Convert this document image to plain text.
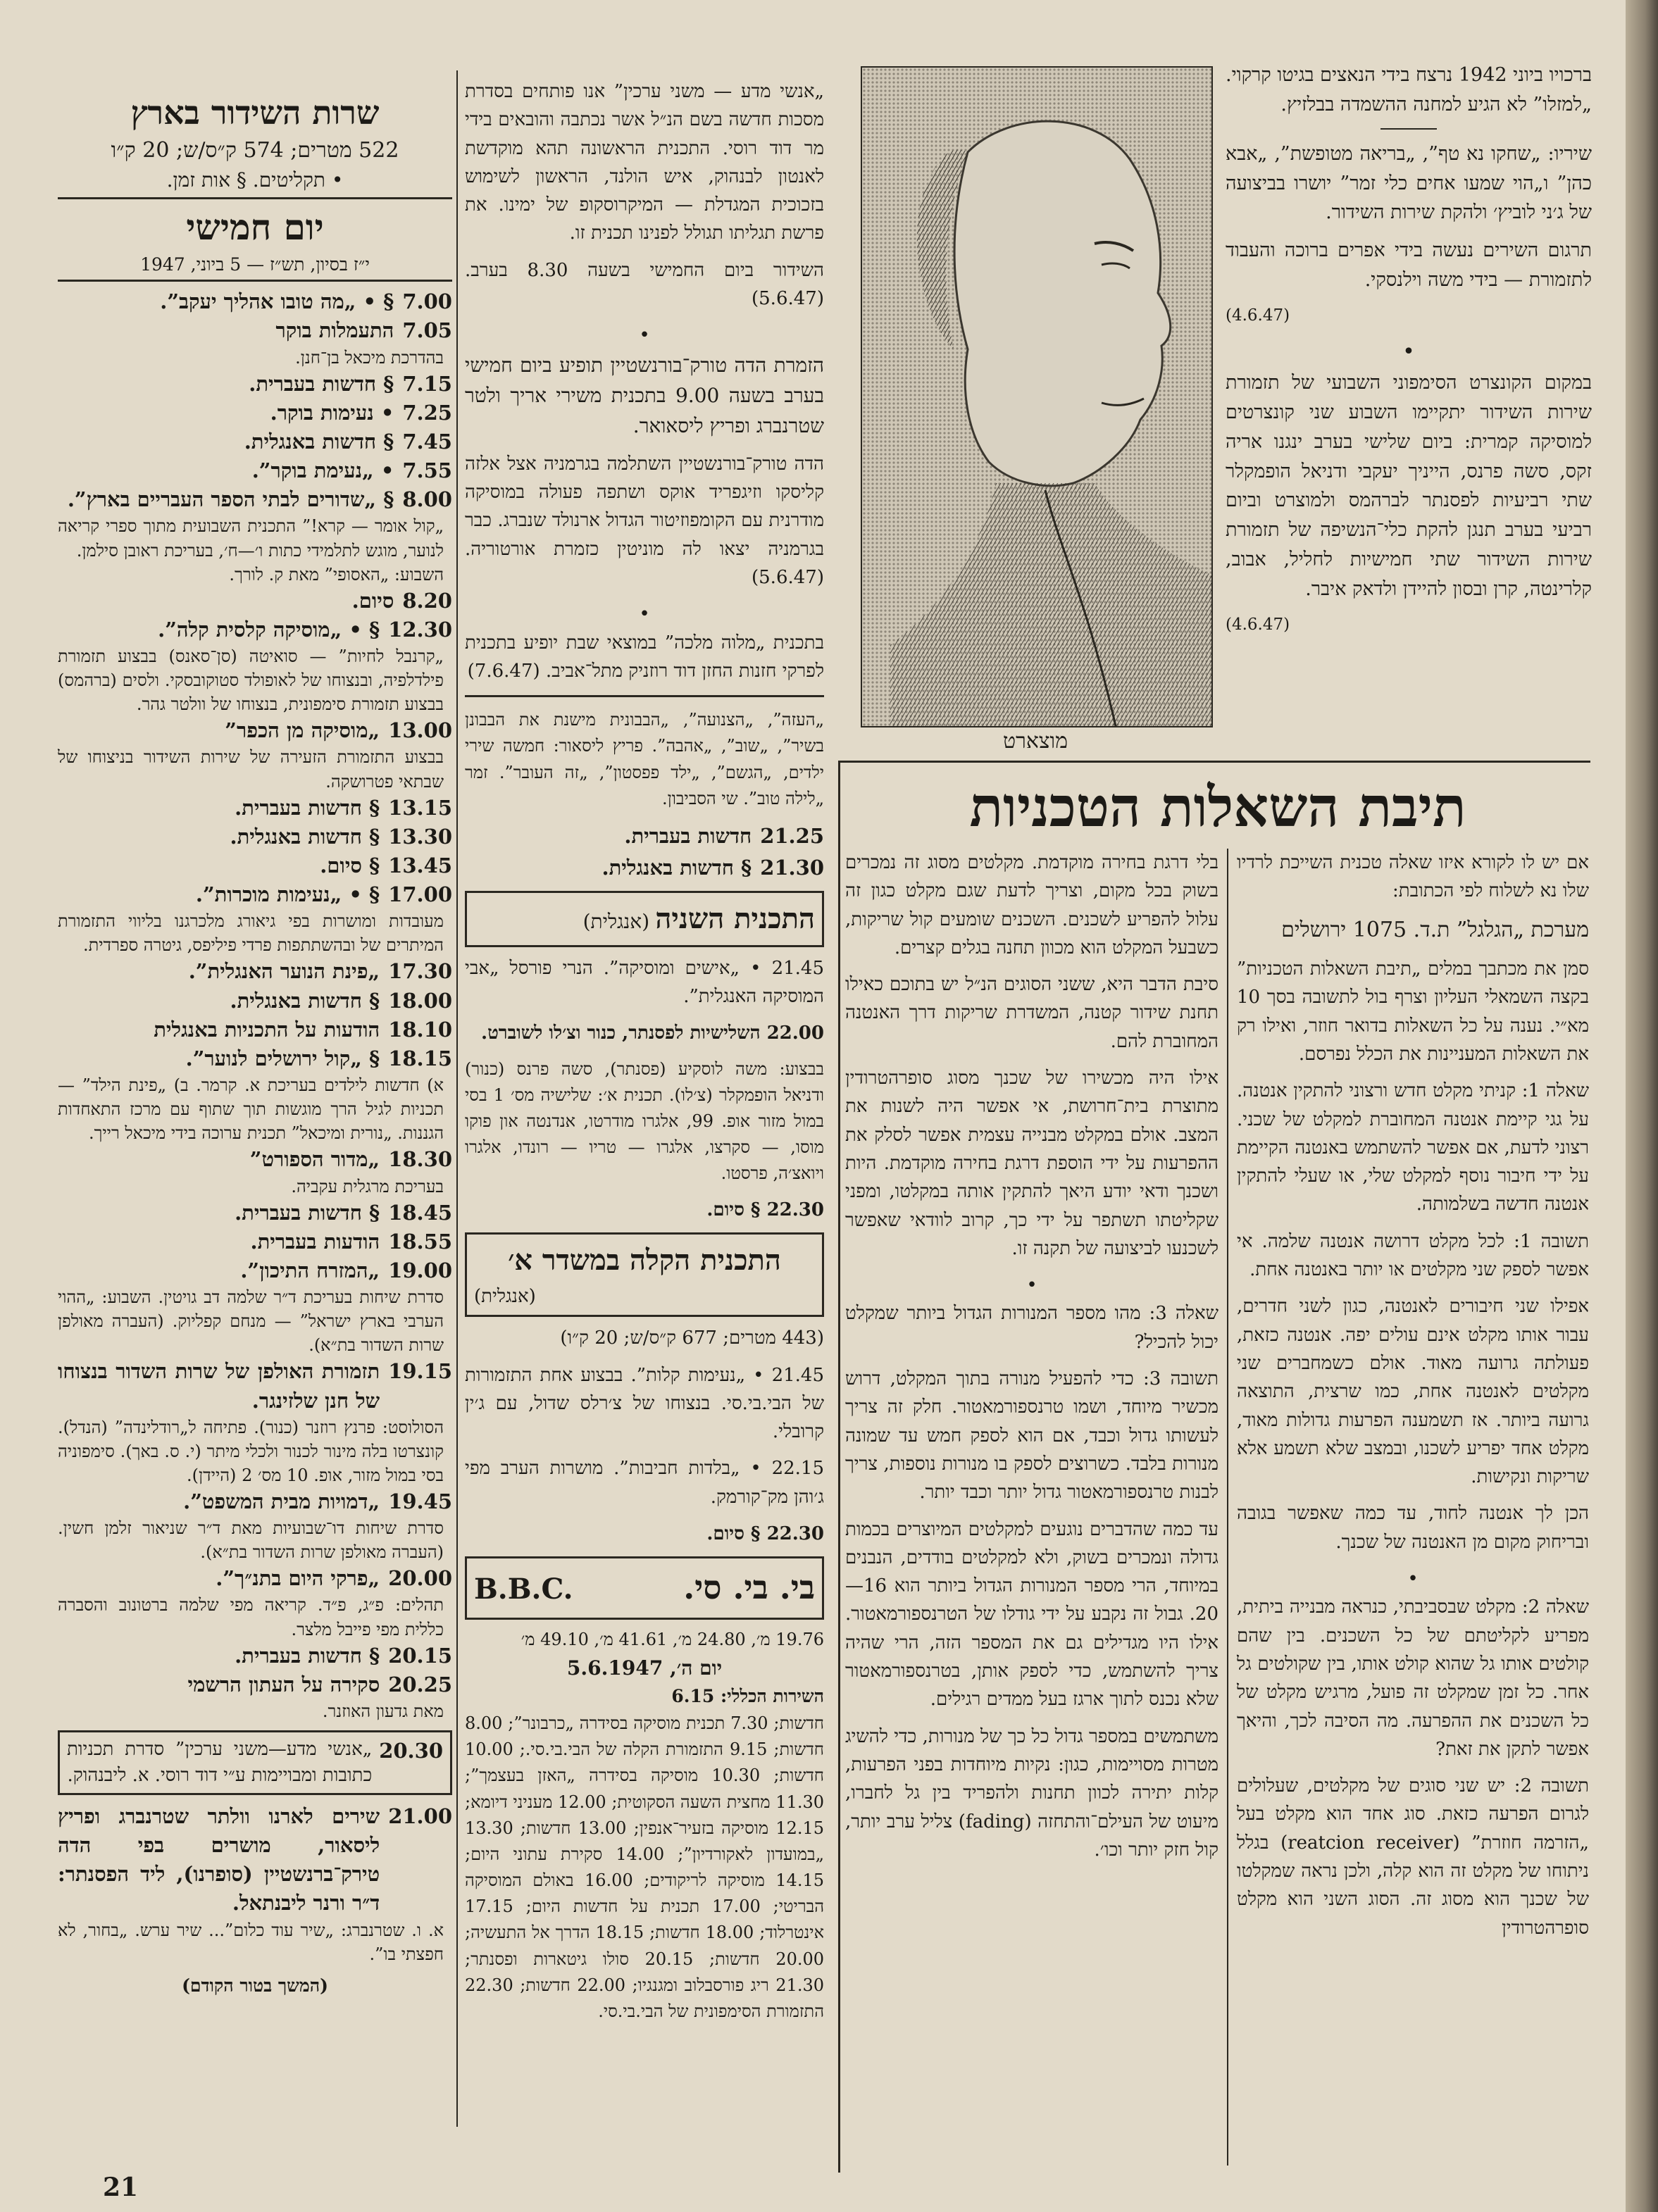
ברכויו ביוני 1942 נרצח בידי הנאצים בגיטו קרקוי. „למזלו” לא הגיע למחנה ההשמדה בבלזיץ.

שיריו: „שחקו נא טף”, „בריאה מטופשת”, „אבא כהן” ו„הוי שמעו אחים כלי זמר” יושרו בביצועה של ג׳ני לוביץ׳ ולהקת שירות השידור.

תרגום השירים נעשה בידי אפרים ברוכה והעבוד לתזמורת — בידי משה וילנסקי.

(4.6.47)
•

במקום הקונצרט הסימפוני השבועי של תזמורת שירות השידור יתקיימו השבוע שני קונצרטים למוסיקה קמרית: ביום שלישי בערב ינגנו אריה זקס, סשה פרנס, הייניך יעקבי ודניאל הופמקלר שתי רביעיות לפסנתר לברהמס ולמוצרט וביום רביעי בערב תנגן להקת כלי־הנשיפה של תזמורת שירות השידור שתי חמישיות לחליל, אבוב, קלרינטה, קרן ובסון להיידן ולדאק איבר.

(4.6.47)
מוצארט
תיבת השאלות הטכניות

אם יש לו לקורא איזו שאלה טכנית השייכת לרדיו שלו נא לשלוח לפי הכתובת:

מערכת „הגלגל” ת.ד. 1075 ירושלים

סמן את מכתבך במלים „תיבת השאלות הטכניות” בקצה השמאלי העליון וצרף בול לתשובה בסך 10 מא״י. נענה על כל השאלות בדואר חוזר, ואילו רק את השאלות המעניינות את הכלל נפרסם.

שאלה 1: קניתי מקלט חדש ורצוני להתקין אנטנה. על גגי קיימת אנטנה המחוברת למקלט של שכני. רצוני לדעת, אם אפשר להשתמש באנטנה הקיימת על ידי חיבור נוסף למקלט שלי, או שעלי להתקין אנטנה חדשה בשלמותה.

תשובה 1: לכל מקלט דרושה אנטנה שלמה. אי אפשר לספק שני מקלטים או יותר באנטנה אחת.

אפילו שני חיבורים לאנטנה, כגון לשני חדרים, עבור אותו מקלט אינם עולים יפה. אנטנה כזאת, פעולתה גרועה מאוד. אולם כשמחברים שני מקלטים לאנטנה אחת, כמו שרצית, התוצאה גרועה ביותר. אז תשמענה הפרעות גדולות מאוד, מקלט אחד יפריע לשכנו, ובמצב שלא תשמע אלא שריקות ונקישות.

הכן לך אנטנה לחוד, עד כמה שאפשר בגובה ובריחוק מקום מן האנטנה של שכנך.

•

שאלה 2: מקלט שבסביבתי, כנראה מבנייה ביתית, מפריע לקליטתם של כל השכנים. בין שהם קולטים אותו גל שהוא קולט אותו, בין שקולטים גל אחר. כל זמן שמקלט זה פועל, מרגיש מקלט של כל השכנים את ההפרעה. מה הסיבה לכך, והיאך אפשר לתקן את זאת?

תשובה 2: יש שני סוגים של מקלטים, שעלולים לגרום הפרעה כזאת. סוג אחד הוא מקלט בעל „הזרמה חוזרת” (reatcion receiver) בגלל ניתוחו של מקלט זה הוא קלה, ולכן נראה שמקלטו של שכנך הוא מסוג זה. הסוג השני הוא מקלט סופרהטרודין

בלי דרגת בחירה מוקדמת. מקלטים מסוג זה נמכרים בשוק בכל מקום, וצריך לדעת שגם מקלט כגון זה עלול להפריע לשכנים. השכנים שומעים קול שריקות, כשבעל המקלט הוא מכוון תחנה בגלים קצרים.

סיבת הדבר היא, ששני הסוגים הנ״ל יש בתוכם כאילו תחנת שידור קטנה, המשדרת שריקות דרך האנטנה המחוברת להם.

אילו היה מכשירו של שכנך מסוג סופרהטרודין מתוצרת בית־חרושת, אי אפשר היה לשנות את המצב. אולם במקלט מבנייה עצמית אפשר לסלק את ההפרעות על ידי הוספת דרגת בחירה מוקדמת. היות ושכנך ודאי יודע היאך להתקין אותה במקלטו, ומפני שקליטתו תשתפר על ידי כך, קרוב לוודאי שאפשר לשכנעו לביצועה של תקנה זו.

•

שאלה 3: מהו מספר המנורות הגדול ביותר שמקלט יכול להכיל?

תשובה 3: כדי להפעיל מנורה בתוך המקלט, דרוש מכשיר מיוחד, ושמו טרנספורמאטור. חלק זה צריך לעשותו גדול וכבד, אם הוא לספק חמש עד שמונה מנורות בלבד. כשרוצים לספק בו מנורות נוספות, צריך לבנות טרנספורמאטור גדול יותר וכבד יותר.

עד כמה שהדברים נוגעים למקלטים המיוצרים בכמות גדולה ונמכרים בשוק, ולא למקלטים בודדים, הנבנים במיוחד, הרי מספר המנורות הגדול ביותר הוא 16—20. גבול זה נקבע על ידי גודלו של הטרנספורמאטור. אילו היו מגדילים גם את המספר הזה, הרי שהיה צריך להשתמש, כדי לספק אותן, בטרנספורמאטור שלא נכנס לתוך ארגז בעל ממדים רגילים.

משתמשים במספר גדול כל כך של מנורות, כדי להשיג מטרות מסויימות, כגון: נקיות מיוחדות בפני הפרעות, קלות יתירה לכוון תחנות ולהפריד בין גל לחברו, מיעוט של העילם־והתחזה (fading) צליל ערב יותר, קול חזק יותר וכו׳.

„אנשי מדע — משני ערכין” אנו פותחים בסדרת מסכות חדשה בשם הנ״ל אשר נכתבה והובאים בידי מר דוד רוסי. התכנית הראשונה תהא מוקדשת לאנטון לבנהוק, איש הולנד, הראשון לשימוש בזכוכית המגדלת — המיקרוסקופ של ימינו. את פרשת תגליתו תגולל לפנינו תכנית זו.

השידור ביום החמישי בשעה 8.30 בערב. (5.6.47)

•

הזמרת הדה טורק־בורנשטיין תופיע ביום חמישי בערב בשעה 9.00 בתכנית משירי אריך ולטר שטרנברג ופריץ ליסאואר.

הדה טורק־בורנשטיין השתלמה בגרמניה אצל אלזה קליסקו וזיגפריד אוקס ושתפה פעולה במוסיקה מודרנית עם הקומפוזיטור הגדול ארנולד שנברג. כבר בגרמניה יצאו לה מוניטין כזמרת אורטוריה. (5.6.47)

•

בתכנית „מלוה מלכה” במוצאי שבת יופיע בתכנית לפרקי חזנות החזן דוד רוזניק מתל־אביב. (7.6.47)

„העזה”, „הצנועה”, „הבבונית מישנת את הבבונן בשיר”, „שוב”, „אהבה”. פריץ ליסאור: חמשה שירי ילדים, „הגשם”, „ילד פפסטון”, „זה העובר”. זמר „לילה טוב”. שי הסביבון.

21.25
חדשות בעברית.
21.30
§ חדשות באנגלית.
התכנית השניה (אנגלית)

21.45 • „אישים ומוסיקה”. הנרי פורסל „אבי המוסיקה האנגלית”.

22.00 השלישיות לפסנתר, כנור וצ׳לו לשוברט.

בבצוע: משה לוסקיע (פסנתר), סשה פרנס (כנור) ודניאל הופמקלר (צ׳לו). תכנית א׳: שלישיה מס׳ 1 בסי במול מזור אופ. 99, אלגרו מודרטו, אנדנטה און פוקו מוסו, — סקרצו, אלגרו — טריו — רונדו, אלגרו ויואצ׳ה, פרסטו.

22.30 § סיום.

התכנית הקלה במשדר א׳
(אנגלית)

(443 מטרים; 677 ק״ס/ש; 20 ק״ו)

21.45 • „נעימות קלות”. בבצוע אחת התזמורות של הבי.בי.סי. בנצוחו של צ׳רלס שדול, עם ג׳ין קרובלי.

22.15 • „בלדות חביבות”. מושרות הערב מפי ג׳והן מק־קורמק.

22.30 § סיום.

בי. בי. סי.
B.B.C.
19.76 מ׳, 24.80 מ׳, 41.61 מ׳, 49.10 מ׳
יום ה׳, 5.6.1947
השירות הכללי: 6.15

חדשות; 7.30 תכנית מוסיקה בסידרה „כרבונר”; 8.00 חדשות; 9.15 התזמורת הקלה של הבי.בי.סי.; 10.00 חדשות; 10.30 מוסיקה בסידרה „האזן בעצמך”; 11.30 מחצית השעה הסקוטית; 12.00 מעניני דיומא; 12.15 מוסיקה בזעיר־אנפין; 13.00 חדשות; 13.30 „במועדון לאקורדיון”; 14.00 סקירת עתוני היום; 14.15 מוסיקה לריקודים; 16.00 באולם המוסיקה הבריטי; 17.00 תכנית על חדשות היום; 17.15 אינטרלוד; 18.00 חדשות; 18.15 הדרך אל התעשיה; 20.00 חדשות; 20.15 סולו גיטארות ופסנתר; 21.30 ריג פורסבלוב ומגנגיו; 22.00 חדשות; 22.30 התזמורת הסימפונית של הבי.בי.סי.

שרות השידור בארץ
522 מטרים; 574 ק״ס/ש; 20 ק״ו
• תקליטים. § אות זמן.
יום חמישי
י״ז בסיון, תש״ז — 5 ביוני, 1947
7.00
§ • „מה טובו אהליך יעקב”.
7.05
התעמלות בוקר
בהדרכת מיכאל בן־חנן.
7.15
§ חדשות בעברית.
7.25
• נעימות בוקר.
7.45
§ חדשות באנגלית.
7.55
• „נעימת בוקר”.
8.00
§ „שדורים לבתי הספר העבריים בארץ”.
„קול אומר — קרא!” התכנית השבועית מתוך ספרי קריאה לנוער, מוגש לתלמידי כתות ו׳—ח׳, בעריכת ראובן סילמן.
השבוע: „האסופי” מאת ק. לורך.
8.20
סיום.
12.30
§ • „מוסיקה קלסית קלה”.
„קרנבל לחיות” — סואיטה (סן־סאנס) בבצוע תזמורת פילדלפיה, ובנצוחו של לאופולד סטוקובסקי. ולסים (ברהמס) בבצוע תזמורת סימפונית, בנצוחו של וולטר גהר.
13.00
„מוסיקה מן הכפר”
בבצוע התזמורת הזעירה של שירות השידור בניצוחו של שבתאי פטרושקה.
13.15
§ חדשות בעברית.
13.30
§ חדשות באנגלית.
13.45
§ סיום.
17.00
§ • „נעימות מוכרות”.
מעובדות ומושרות בפי גיאורג מלכרגנו בליווי התזמורת המיתרים של ובהשתתפות פרדי פיליפס, גיטרה ספרדית.
17.30
„פינת הנוער האנגלית”.
18.00
§ חדשות באנגלית.
18.10
הודעות על התכניות באנגלית
18.15
§ „קול ירושלים לנוער”.
א) חדשות לילדים בעריכת א. קרמר. ב) „פינת הילד” — תכניות לגיל הרך מוגשות תוך שתוף עם מרכז התאחדות הגננות. „נורית ומיכאל” תכנית ערוכה בידי מיכאל רייך.
18.30
„מדור הספורט”
בעריכת מרגלית עקביה.
18.45
§ חדשות בעברית.
18.55
הודעות בעברית.
19.00
„המזרח התיכון”.
סדרת שיחות בעריכת ד״ר שלמה דב גויטין. השבוע: „ההוי הערבי בארץ ישראל” — מנחם קפליוק. (העברה מאולפן שרות השדור בת״א).
19.15
תזמורת האולפן של שרות השדור בנצוחו של חנן שלזינגר.
הסולוסט: פרנץ רוזנר (כנור). פתיחה ל„רודלינדה” (הנדל). קונצרטו בלה מינור לכנור ולכלי מיתר (י. ס. באך). סימפוניה בסי במול מזור, אופ. 10 מס׳ 2 (היידן).
19.45
„דמויות מבית המשפט”.
סדרת שיחות דו־שבועיות מאת ד״ר שניאור זלמן חשין. (העברה מאולפן שרות השדור בת״א).
20.00
„פרקי היום בתנ״ך”.
תהלים: פ״ג, פ״ד. קריאה מפי שלמה ברטונוב והסברה כללית מפי פייבל מלצר.
20.15
§ חדשות בעברית.
20.25
סקירה על העתון הרשמי
מאת גדעון האוזנר.
20.30
„אנשי מדע—משני ערכין” סדרת תכניות כתובות ומבויימות ע״י דוד רוסי. א. ליבנהוק.
21.00
שירים לארנו וולתר שטרנברג ופריץ ליסאור, מושרים בפי הדה טירק־ברנשטיין (סופרנו), ליד הפסנתר: ד״ר ורנר ליבנתאל.
א. ו. שטרנברג: „שיר עוד כלום”... שיר ערש. „בחור, לא חפצתי בו”.
(המשך בטור הקודם)
21
